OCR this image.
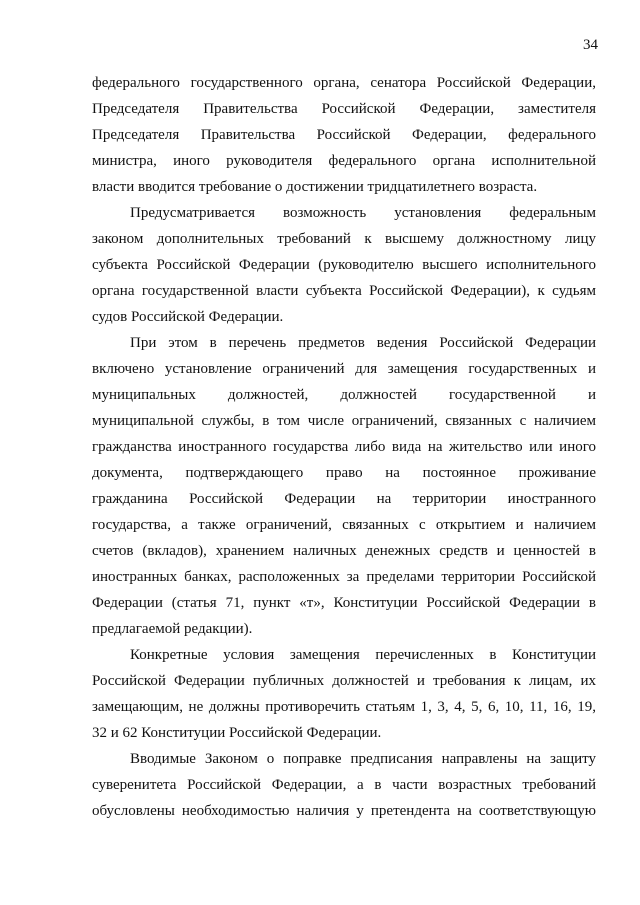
34
федерального государственного органа, сенатора Российской Федерации,
Председателя Правительства Российской Федерации, заместителя
Председателя Правительства Российской Федерации, федерального
министра, иного руководителя федерального органа исполнительной
власти вводится требование о достижении тридцатилетнего возраста.
Предусматривается возможность установления федеральным
законом дополнительных требований к высшему должностному лицу
субъекта Российской Федерации (руководителю высшего исполнительного
органа государственной власти субъекта Российской Федерации), к судьям
судов Российской Федерации.
При этом в перечень предметов ведения Российской Федерации
включено установление ограничений для замещения государственных и
муниципальных должностей, должностей государственной и
муниципальной службы, в том числе ограничений, связанных с наличием
гражданства иностранного государства либо вида на жительство или иного
документа, подтверждающего право на постоянное проживание
гражданина Российской Федерации на территории иностранного
государства, а также ограничений, связанных с открытием и наличием
счетов (вкладов), хранением наличных денежных средств и ценностей в
иностранных банках, расположенных за пределами территории Российской
Федерации (статья 71, пункт «т», Конституции Российской Федерации в
предлагаемой редакции).
Конкретные условия замещения перечисленных в Конституции
Российской Федерации публичных должностей и требования к лицам, их
замещающим, не должны противоречить статьям 1, 3, 4, 5, 6, 10, 11, 16, 19,
32 и 62 Конституции Российской Федерации.
Вводимые Законом о поправке предписания направлены на защиту
суверенитета Российской Федерации, а в части возрастных требований
обусловлены необходимостью наличия у претендента на соответствующую
